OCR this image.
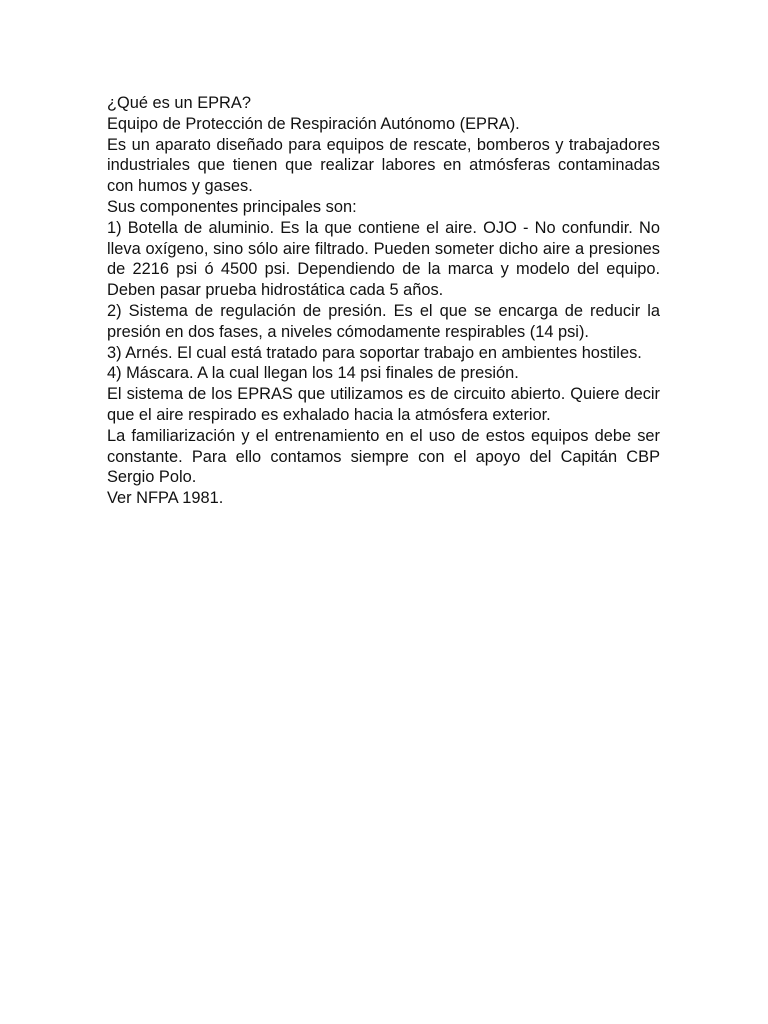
¿Qué es un EPRA?

Equipo de Protección de Respiración Autónomo (EPRA).

Es un aparato diseñado para equipos de rescate, bomberos y trabajadores industriales que tienen que realizar labores en atmósferas contaminadas con humos y gases.

Sus componentes principales son:

1) Botella de aluminio. Es la que contiene el aire. OJO - No confundir. No lleva oxígeno, sino sólo aire filtrado. Pueden someter dicho aire a presiones de 2216 psi ó 4500 psi. Dependiendo de la marca y modelo del equipo. Deben pasar prueba hidrostática cada 5 años.

2) Sistema de regulación de presión. Es el que se encarga de reducir la presión en dos fases, a niveles cómodamente respirables (14 psi).

3) Arnés. El cual está tratado para soportar trabajo en ambientes hostiles.

4) Máscara. A la cual llegan los 14 psi finales de presión.

El sistema de los EPRAS que utilizamos es de circuito abierto. Quiere decir que el aire respirado es exhalado hacia la atmósfera exterior.

La familiarización y el entrenamiento en el uso de estos equipos debe ser constante. Para ello contamos siempre con el apoyo del Capitán CBP Sergio Polo.

Ver NFPA 1981.
